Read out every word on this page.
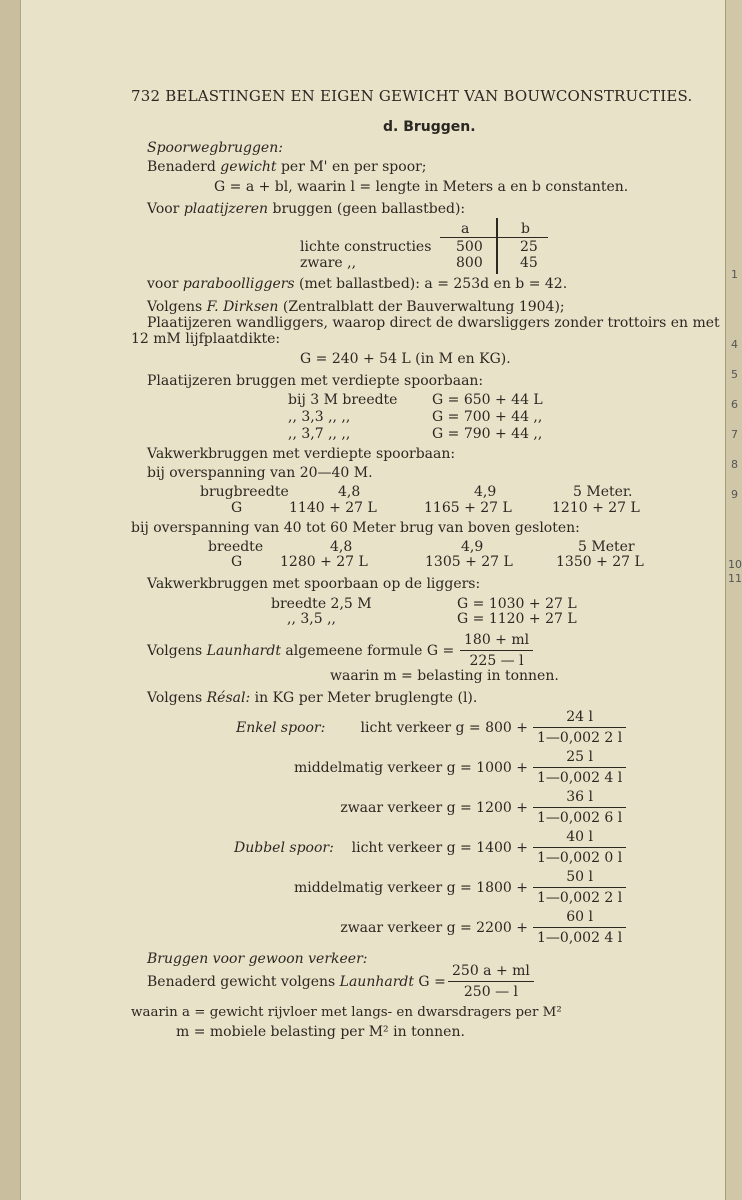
1
4
5
6
7
8
9
10
11
732 BELASTINGEN EN EIGEN GEWICHT VAN BOUWCONSTRUCTIES.
d. Bruggen.
Spoorwegbruggen:
Benaderd gewicht per M' en per spoor;
G = a + bl, waarin l = lengte in Meters a en b constanten.
Voor plaatijzeren bruggen (geen ballastbed):
a	b
lichte constructies 500	25
zware ,,	800	45
voor paraboolliggers (met ballastbed): a = 253d en b = 42.
Volgens F. Dirksen (Zentralblatt der Bauverwaltung 1904);
Plaatijzeren wandliggers, waarop direct de dwarsliggers zonder trottoirs en met
12 mM lijfplaatdikte:
G = 240 + 54 L (in M en KG).
Plaatijzeren bruggen met verdiepte spoorbaan:
bij 3 M breedte G = 650 + 44 L
,, 3,3 ,, ,,	G = 700 + 44 ,,
,, 3,7 ,, ,,	G = 790 + 44 ,,
Vakwerkbruggen met verdiepte spoorbaan:
bij overspanning van 20—40 M.
brugbreedte	4,8	4,9	5 Meter.
G	1140 + 27 L	1165 + 27 L	1210 + 27 L
bij overspanning van 40 tot 60 Meter brug van boven gesloten:
breedte	4,8	4,9	5 Meter
G	1280 + 27 L	1305 + 27 L	1350 + 27 L
Vakwerkbruggen met spoorbaan op de liggers:
breedte 2,5 M	G = 1030 + 27 L
,, 3,5 ,,	G = 1120 + 27 L
Volgens Launhardt algemeene formule $G = \frac{180 + ml}{225 — l}$
waarin m = belasting in tonnen.
Volgens Résal: in KG per Meter bruglengte (l).
Enkel spoor:	licht verkeer $g = 800 + \frac{24 l}{1—0,002 2 l}$
middelmatig verkeer $g = 1000 + \frac{25 l}{1—0,002 4 l}$
zwaar verkeer $g = 1200 + \frac{36 l}{1—0,002 6 l}$
Dubbel spoor: licht verkeer $g = 1400 + \frac{40 l}{1—0,002 0 l}$
middelmatig verkeer $g = 1800 + \frac{50 l}{1—0,002 2 l}$
zwaar verkeer $g = 2200 + \frac{60 l}{1—0,002 4 l}$
Bruggen voor gewoon verkeer:
Benaderd gewicht volgens Launhardt $G = \frac{250 a + ml}{250 — l}$
waarin a = gewicht rijvloer met langs- en dwarsdragers per M²
m = mobiele belasting per M² in tonnen.
